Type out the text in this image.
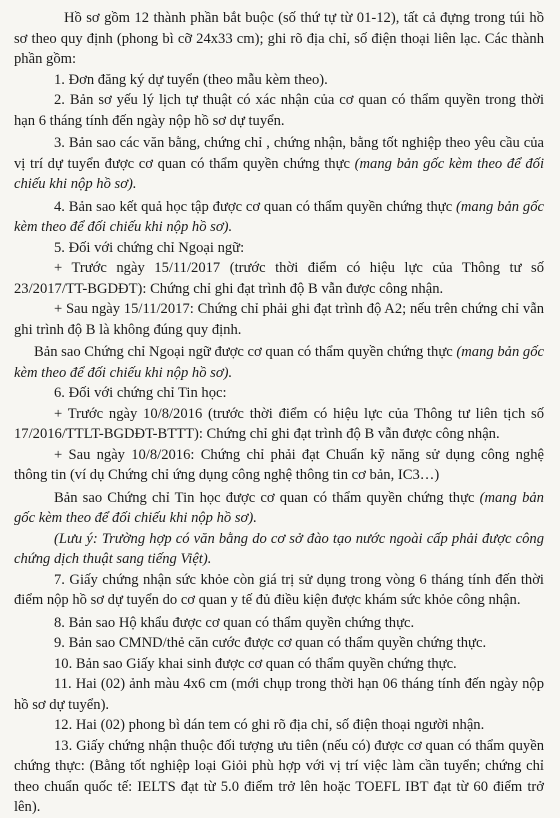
Hồ sơ gồm 12 thành phần bắt buộc (số thứ tự từ 01-12), tất cả đựng trong túi hồ sơ theo quy định (phong bì cỡ 24x33 cm); ghi rõ địa chỉ, số điện thoại liên lạc. Các thành phần gồm:

1. Đơn đăng ký dự tuyển (theo mẫu kèm theo).

2. Bản sơ yếu lý lịch tự thuật có xác nhận của cơ quan có thẩm quyền trong thời hạn 6 tháng tính đến ngày nộp hồ sơ dự tuyển.

3. Bản sao các văn bằng, chứng chỉ , chứng nhận, bằng tốt nghiệp theo yêu cầu của vị trí dự tuyển được cơ quan có thẩm quyền chứng thực (mang bản gốc kèm theo để đối chiếu khi nộp hồ sơ).

4. Bản sao kết quả học tập được cơ quan có thẩm quyền chứng thực (mang bản gốc kèm theo để đối chiếu khi nộp hồ sơ).

5. Đối với chứng chỉ Ngoại ngữ:

+ Trước ngày 15/11/2017 (trước thời điểm có hiệu lực của Thông tư số 23/2017/TT-BGDĐT): Chứng chỉ ghi đạt trình độ B vẫn được công nhận.

+ Sau ngày 15/11/2017: Chứng chỉ phải ghi đạt trình độ A2; nếu trên chứng chỉ vẫn ghi trình độ B là không đúng quy định.

Bản sao Chứng chỉ Ngoại ngữ được cơ quan có thẩm quyền chứng thực (mang bản gốc kèm theo để đối chiếu khi nộp hồ sơ).

6. Đối với chứng chỉ Tin học:

+ Trước ngày 10/8/2016 (trước thời điểm có hiệu lực của Thông tư liên tịch số 17/2016/TTLT-BGDĐT-BTTT): Chứng chỉ ghi đạt trình độ B vẫn được công nhận.

+ Sau ngày 10/8/2016: Chứng chỉ phải đạt Chuẩn kỹ năng sử dụng công nghệ thông tin (ví dụ Chứng chỉ ứng dụng công nghệ thông tin cơ bản, IC3…)

Bản sao Chứng chỉ Tin học được cơ quan có thẩm quyền chứng thực (mang bản gốc kèm theo để đối chiếu khi nộp hồ sơ).

(Lưu ý: Trường hợp có văn bằng do cơ sở đào tạo nước ngoài cấp phải được công chứng dịch thuật sang tiếng Việt).

7. Giấy chứng nhận sức khỏe còn giá trị sử dụng trong vòng 6 tháng tính đến thời điểm nộp hồ sơ dự tuyển do cơ quan y tế đủ điều kiện được khám sức khỏe công nhận.

8. Bản sao Hộ khẩu được cơ quan có thẩm quyền chứng thực.

9. Bản sao CMND/thẻ căn cước được cơ quan có thẩm quyền chứng thực.

10. Bản sao Giấy khai sinh được cơ quan có thẩm quyền chứng thực.

11. Hai (02) ảnh màu 4x6 cm (mới chụp trong thời hạn 06 tháng tính đến ngày nộp hồ sơ dự tuyển).

12. Hai (02) phong bì dán tem có ghi rõ địa chỉ, số điện thoại người nhận.

13. Giấy chứng nhận thuộc đối tượng ưu tiên (nếu có) được cơ quan có thẩm quyền chứng thực: (Bằng tốt nghiệp loại Giỏi phù hợp với vị trí việc làm cần tuyển; chứng chỉ theo chuẩn quốc tế: IELTS đạt từ 5.0 điểm trở lên hoặc TOEFL IBT đạt từ 60 điểm trở lên).
